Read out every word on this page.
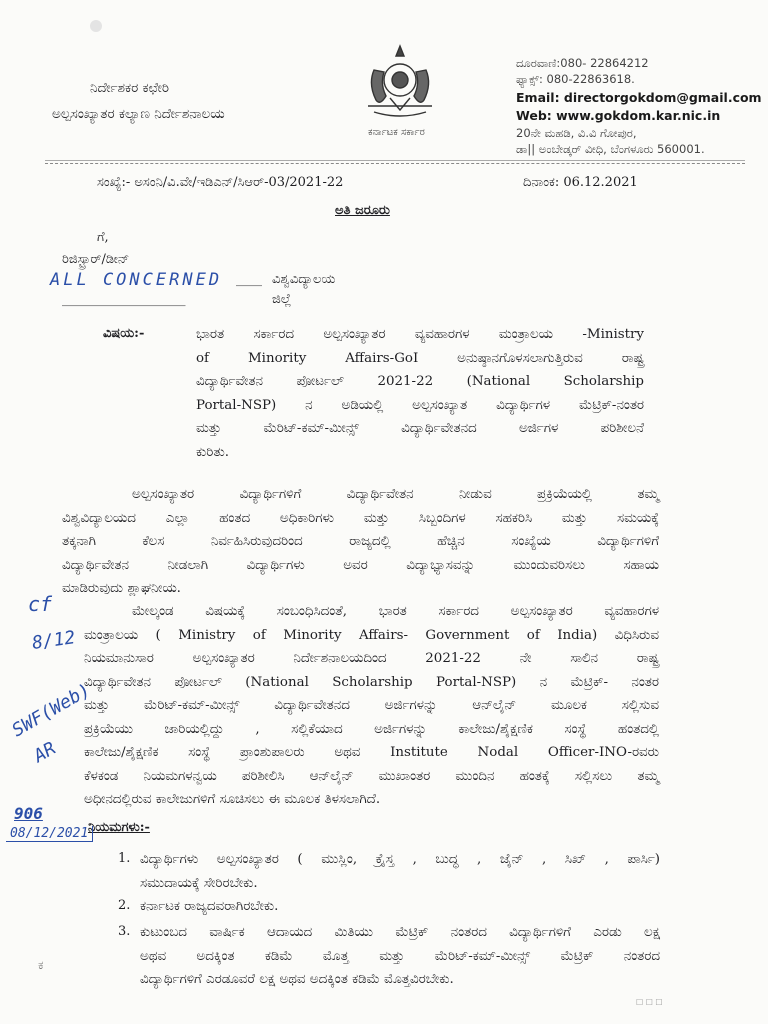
ನಿರ್ದೇಶಕರ ಕಛೇರಿ
ಅಲ್ಪಸಂಖ್ಯಾತರ ಕಲ್ಯಾಣ ನಿರ್ದೇಶನಾಲಯ
ಕರ್ನಾಟಕ ಸರ್ಕಾರ
ದೂರವಾಣಿ:080- 22864212
ಫ್ಯಾಕ್ಸ್: 080-22863618.
Email: directorgokdom@gmail.com
Web: www.gokdom.kar.nic.in
20ನೇ ಮಹಡಿ, ವಿ.ವಿ ಗೋಪುರ,
ಡಾ|| ಅಂಬೇಡ್ಕರ್ ವೀಧಿ, ಬೆಂಗಳೂರು 560001.
ಸಂಖ್ಯೆ:- ಅಸಂನಿ/ವಿ.ವೇ/ಇಡಿಎನ್/ಸಿಆರ್-03/2021-22	ದಿನಾಂಕ: 06.12.2021
ಅತಿ ಜರೂರು
ಗೆ,
ರಿಜಿಸ್ಟ್ರಾರ್/ಡೀನ್
ALL CONCERNED ____ ವಿಶ್ವವಿದ್ಯಾಲಯ
___________________	ಜಿಲ್ಲೆ
ವಿಷಯ:-	ಭಾರತ ಸರ್ಕಾರದ ಅಲ್ಪಸಂಖ್ಯಾತರ ವ್ಯವಹಾರಗಳ ಮಂತ್ರಾಲಯ -Ministry
of Minority Affairs-GoI ಅನುಷ್ಠಾನಗೊಳಸಲಾಗುತ್ತಿರುವ ರಾಷ್ಟ್ರ
ವಿದ್ಯಾರ್ಥಿವೇತನ ಪೋರ್ಟಲ್ 2021-22 (National Scholarship
Portal-NSP) ನ ಅಡಿಯಲ್ಲಿ ಅಲ್ಪಸಂಖ್ಯಾತ ವಿದ್ಯಾರ್ಥಿಗಳ ಮೆಟ್ರಿಕ್-ನಂತರ
ಮತ್ತು ಮೆರಿಟ್-ಕಮ್-ಮೀನ್ಸ್ ವಿದ್ಯಾರ್ಥಿವೇತನದ ಅರ್ಜಿಗಳ ಪರಿಶೀಲನೆ
ಕುರಿತು.
ಅಲ್ಪಸಂಖ್ಯಾತರ ವಿದ್ಯಾರ್ಥಿಗಳಿಗೆ ವಿದ್ಯಾರ್ಥಿವೇತನ ನೀಡುವ ಪ್ರಕ್ರಿಯೆಯಲ್ಲಿ ತಮ್ಮ
ವಿಶ್ವವಿದ್ಯಾಲಯದ ಎಲ್ಲಾ ಹಂತದ ಅಧಿಕಾರಿಗಳು ಮತ್ತು ಸಿಬ್ಬಂದಿಗಳ ಸಹಕರಿಸಿ ಮತ್ತು ಸಮಯಕ್ಕೆ
ತಕ್ಕನಾಗಿ ಕೆಲಸ ನಿರ್ವಹಿಸಿರುವುದರಿಂದ ರಾಜ್ಯದಲ್ಲಿ ಹೆಚ್ಚಿನ ಸಂಖ್ಯೆಯ ವಿದ್ಯಾರ್ಥಿಗಳಿಗೆ
ವಿದ್ಯಾರ್ಥಿವೇತನ ನೀಡಲಾಗಿ ವಿದ್ಯಾರ್ಥಿಗಳು ಅವರ ವಿದ್ಯಾಭ್ಯಾಸವನ್ನು ಮುಂದುವರಿಸಲು ಸಹಾಯ
ಮಾಡಿರುವುದು ಶ್ಲಾಘನೀಯ.
ಮೇಲ್ಕಂಡ ವಿಷಯಕ್ಕೆ ಸಂಬಂಧಿಸಿದಂತೆ, ಭಾರತ ಸರ್ಕಾರದ ಅಲ್ಪಸಂಖ್ಯಾತರ ವ್ಯವಹಾರಗಳ
ಮಂತ್ರಾಲಯ ( Ministry of Minority Affairs- Government of India) ವಿಧಿಸಿರುವ
ನಿಯಮಾನುಸಾರ ಅಲ್ಪಸಂಖ್ಯಾತರ ನಿರ್ದೇಶನಾಲಯದಿಂದ 2021-22 ನೇ ಸಾಲಿನ ರಾಷ್ಟ್ರ
ವಿದ್ಯಾರ್ಥಿವೇತನ ಪೋರ್ಟಲ್ (National Scholarship Portal-NSP) ನ ಮೆಟ್ರಿಕ್- ನಂತರ
ಮತ್ತು ಮೆರಿಟ್-ಕಮ್-ಮೀನ್ಸ್ ವಿದ್ಯಾರ್ಥಿವೇತನದ ಅರ್ಜಿಗಳನ್ನು ಆನ್‌ಲೈನ್ ಮೂಲಕ ಸಲ್ಲಿಸುವ
ಪ್ರಕ್ರಿಯೆಯು ಜಾರಿಯಲ್ಲಿದ್ದು , ಸಲ್ಲಿಕೆಯಾದ ಅರ್ಜಿಗಳನ್ನು ಕಾಲೇಜು/ಶೈಕ್ಷಣಿಕ ಸಂಸ್ಥೆ ಹಂತದಲ್ಲಿ
ಕಾಲೇಜು/ಶೈಕ್ಷಣಿಕ ಸಂಸ್ಥೆ ಪ್ರಾಂಶುಪಾಲರು ಅಥವ Institute Nodal Officer-INO-ರವರು
ಕೆಳಕಂಡ ನಿಯಮಗಳನ್ವಯ ಪರಿಶೀಲಿಸಿ ಆನ್‌ಲೈನ್ ಮುಖಾಂತರ ಮುಂದಿನ ಹಂತಕ್ಕೆ ಸಲ್ಲಿಸಲು ತಮ್ಮ
ಅಧೀನದಲ್ಲಿರುವ ಕಾಲೇಜುಗಳಿಗೆ ಸೂಚಿಸಲು ಈ ಮೂಲಕ ತಿಳಸಲಾಗಿದೆ.
ನಿಯಮಗಳು:-
1. ವಿದ್ಯಾರ್ಥಿಗಳು ಅಲ್ಪಸಂಖ್ಯಾತರ ( ಮುಸ್ಲಿಂ, ಕ್ರೈಸ್ತ , ಬುದ್ಧ , ಜೈನ್ , ಸಿಖ್ , ಪಾರ್ಸಿ)
ಸಮುದಾಯಕ್ಕೆ ಸೇರಿರಬೇಕು.
2. ಕರ್ನಾಟಕ ರಾಜ್ಯದವರಾಗಿರಬೇಕು.
3. ಕುಟುಂಬದ ವಾರ್ಷಿಕ ಆದಾಯದ ಮಿತಿಯು ಮೆಟ್ರಿಕ್ ನಂತರದ ವಿದ್ಯಾರ್ಥಿಗಳಿಗೆ ಎರಡು ಲಕ್ಷ
ಅಥವ ಅದಕ್ಕಿಂತ ಕಡಿಮೆ ಮೊತ್ತ ಮತ್ತು ಮೆರಿಟ್-ಕಮ್-ಮೀನ್ಸ್ ಮೆಟ್ರಿಕ್ ನಂತರದ
ವಿದ್ಯಾರ್ಥಿಗಳಿಗೆ ಎರಡೂವರೆ ಲಕ್ಷ ಅಥವ ಅದಕ್ಕಿಂತ ಕಡಿಮೆ ಮೊತ್ತವಿರಬೇಕು.
cf
8/12
SWF(Web)
AR
906
08/12/2021
ಕ
☐ ☐ ☐
